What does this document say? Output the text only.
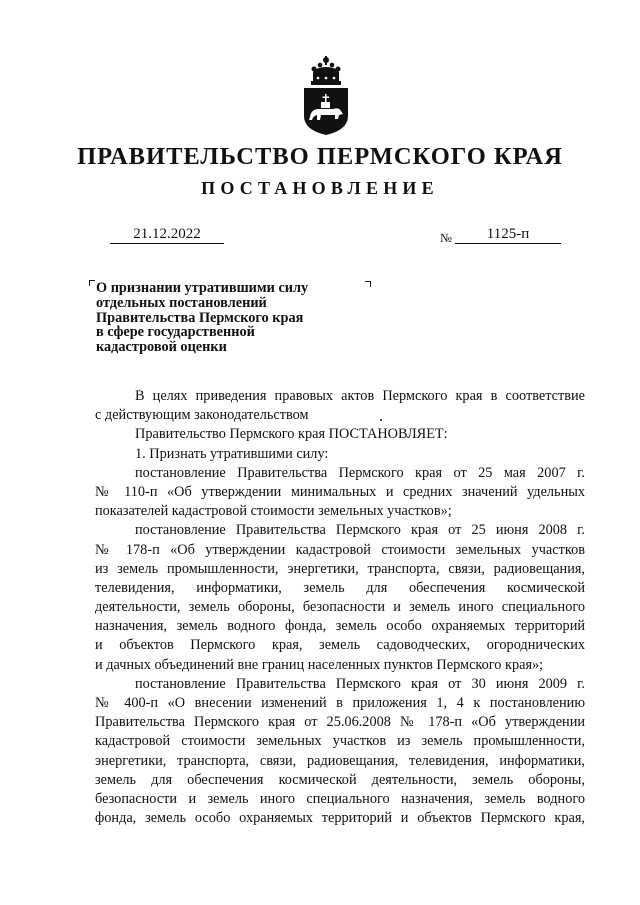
ПРАВИТЕЛЬСТВО ПЕРМСКОГО КРАЯ
ПОСТАНОВЛЕНИЕ
21.12.2022	№	1125-п
О признании утратившими силу
отдельных постановлений
Правительства Пермского края
в сфере государственной
кадастровой оценки
В целях приведения правовых актов Пермского края в соответствие
с действующим законодательством
Правительство Пермского края ПОСТАНОВЛЯЕТ:
1. Признать утратившими силу:
постановление Правительства Пермского края от 25 мая 2007 г.
№ 110-п «Об утверждении минимальных и средних значений удельных
показателей кадастровой стоимости земельных участков»;
постановление Правительства Пермского края от 25 июня 2008 г.
№ 178-п «Об утверждении кадастровой стоимости земельных участков
из земель промышленности, энергетики, транспорта, связи, радиовещания,
телевидения, информатики, земель для обеспечения космической
деятельности, земель обороны, безопасности и земель иного специального
назначения, земель водного фонда, земель особо охраняемых территорий
и объектов Пермского края, земель садоводческих, огороднических
и дачных объединений вне границ населенных пунктов Пермского края»;
постановление Правительства Пермского края от 30 июня 2009 г.
№ 400-п «О внесении изменений в приложения 1, 4 к постановлению
Правительства Пермского края от 25.06.2008 № 178-п «Об утверждении
кадастровой стоимости земельных участков из земель промышленности,
энергетики, транспорта, связи, радиовещания, телевидения, информатики,
земель для обеспечения космической деятельности, земель обороны,
безопасности и земель иного специального назначения, земель водного
фонда, земель особо охраняемых территорий и объектов Пермского края,
